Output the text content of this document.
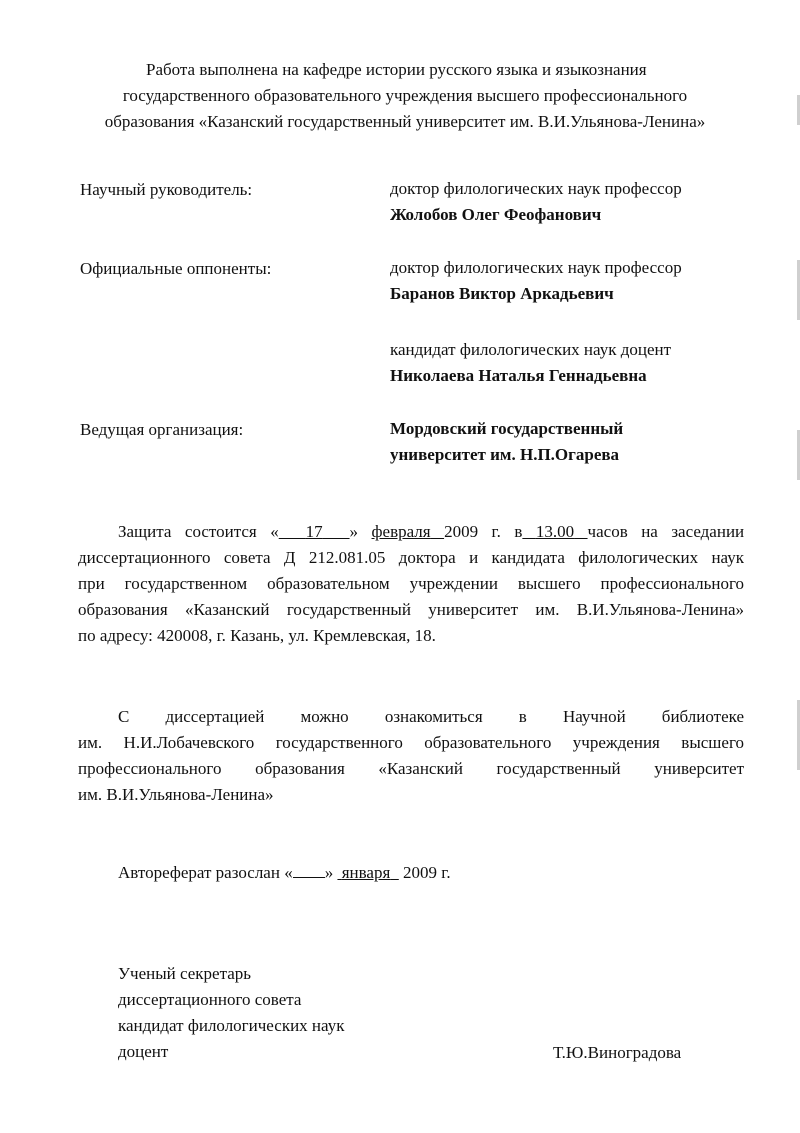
Работа выполнена на кафедре истории русского языка и языкознания
государственного образовательного учреждения высшего профессионального
образования «Казанский государственный университет им. В.И.Ульянова-Ленина»
Научный руководитель:	доктор филологических наук профессор
Жолобов Олег Феофанович
Официальные оппоненты:	доктор филологических наук профессор
Баранов Виктор Аркадьевич
кандидат филологических наук доцент
Николаева Наталья Геннадьевна
Ведущая организация:	Мордовский государственный
университет им. Н.П.Огарева
Защита состоится « 17 » февраля 2009 г. в 13.00 часов на заседании
диссертационного совета Д 212.081.05 доктора и кандидата филологических наук
при государственном образовательном учреждении высшего профессионального
образования «Казанский государственный университет им. В.И.Ульянова-Ленина»
по адресу: 420008, г. Казань, ул. Кремлевская, 18.
С диссертацией можно ознакомиться в Научной библиотеке
им. Н.И.Лобачевского государственного образовательного учреждения высшего
профессионального образования «Казанский государственный университет
им. В.И.Ульянова-Ленина»
Автореферат разослан « » января 2009 г.
Ученый секретарь
диссертационного совета
кандидат филологических наук
доцент	Т.Ю.Виноградова
